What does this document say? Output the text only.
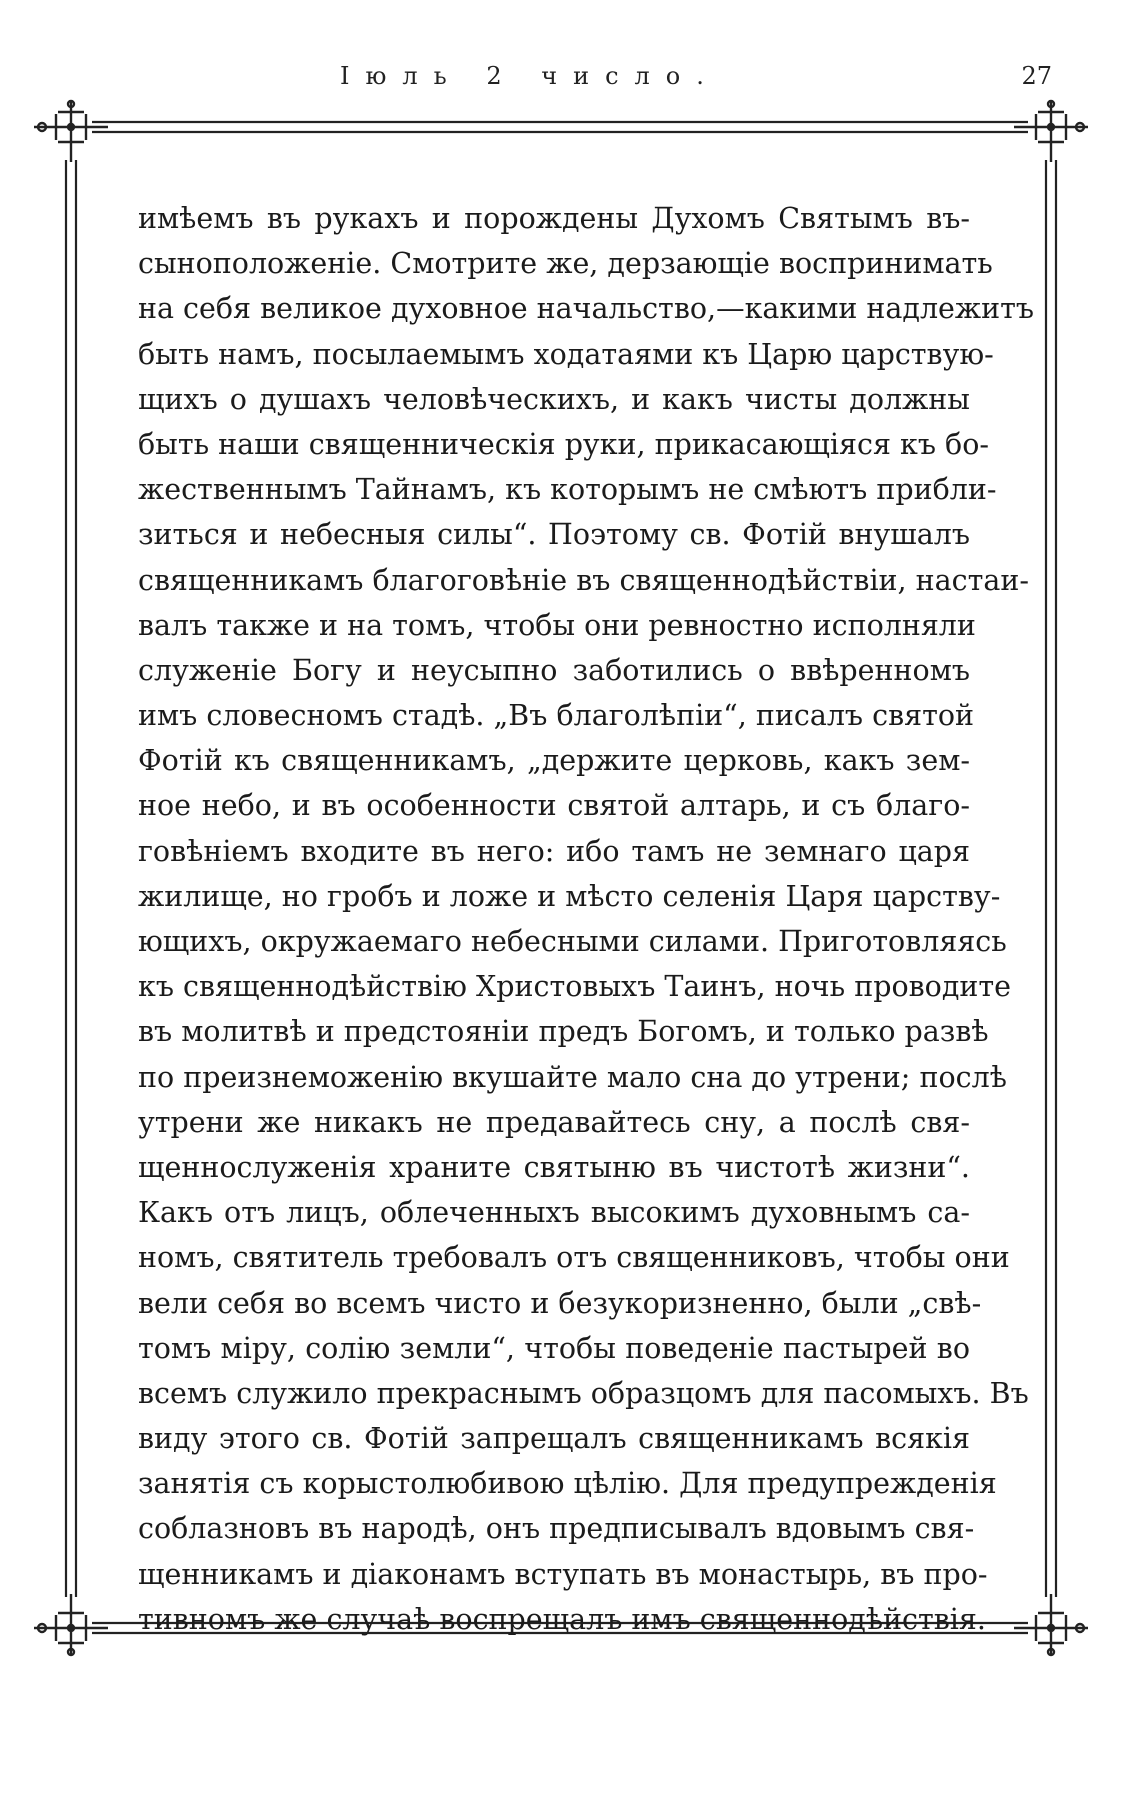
Іюль 2 число.	27
имѣемъ въ рукахъ и порождены Духомъ Святымъ въ-
сыноположеніе. Смотрите же, дерзающіе воспринимать
на себя великое духовное начальство,—какими надлежитъ
быть намъ, посылаемымъ ходатаями къ Царю царствую-
щихъ о душахъ человѣческихъ, и какъ чисты должны
быть наши священническія руки, прикасающіяся къ бо-
жественнымъ Тайнамъ, къ которымъ не смѣютъ прибли-
зиться и небесныя силы“. Поэтому св. Фотій внушалъ
священникамъ благоговѣніе въ священнодѣйствіи, настаи-
валъ также и на томъ, чтобы они ревностно исполняли
служеніе Богу и неусыпно заботились о ввѣренномъ
имъ словесномъ стадѣ. „Въ благолѣпіи“, писалъ святой
Фотій къ священникамъ, „держите церковь, какъ зем-
ное небо, и въ особенности святой алтарь, и съ благо-
говѣніемъ входите въ него: ибо тамъ не земнаго царя
жилище, но гробъ и ложе и мѣсто селенія Царя царству-
ющихъ, окружаемаго небесными силами. Приготовляясь
къ священнодѣйствію Христовыхъ Таинъ, ночь проводите
въ молитвѣ и предстояніи предъ Богомъ, и только развѣ
по преизнеможенію вкушайте мало сна до утрени; послѣ
утрени же никакъ не предавайтесь сну, а послѣ свя-
щеннослуженія храните святыню въ чистотѣ жизни“.
Какъ отъ лицъ, облеченныхъ высокимъ духовнымъ са-
номъ, святитель требовалъ отъ священниковъ, чтобы они
вели себя во всемъ чисто и безукоризненно, были „свѣ-
томъ міру, солію земли“, чтобы поведеніе пастырей во
всемъ служило прекраснымъ образцомъ для пасомыхъ. Въ
виду этого св. Фотій запрещалъ священникамъ всякія
занятія съ корыстолюбивою цѣлію. Для предупрежденія
соблазновъ въ народѣ, онъ предписывалъ вдовымъ свя-
щенникамъ и діаконамъ вступать въ монастырь, въ про-
тивномъ же случаѣ воспрещалъ имъ священнодѣйствія.
